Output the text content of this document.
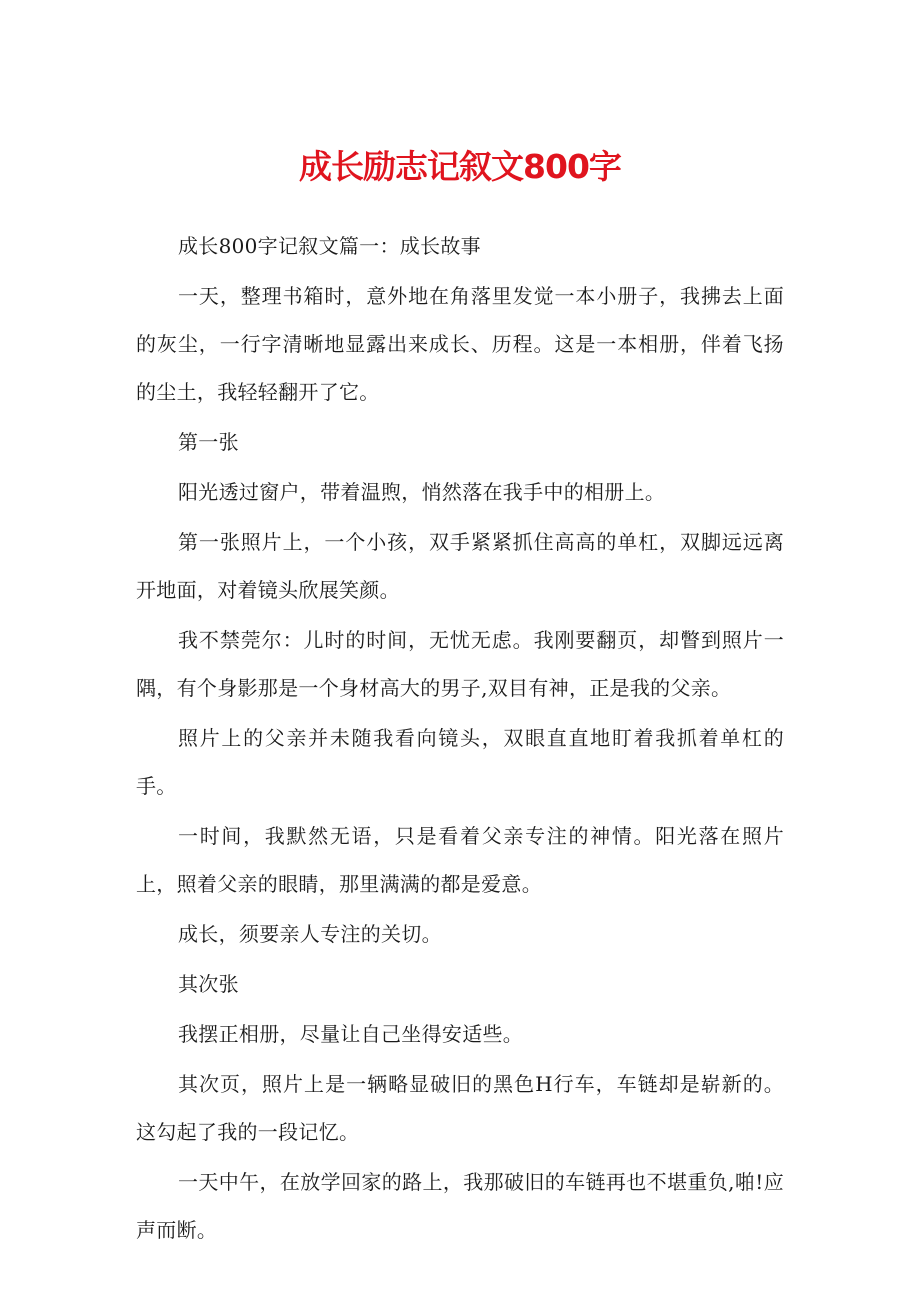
成长励志记叙文800字

成长800字记叙文篇一：成长故事

一天，整理书箱时，意外地在角落里发觉一本小册子，我拂去上面的灰尘，一行字清晰地显露出来成长、历程。这是一本相册，伴着飞扬的尘土，我轻轻翻开了它。

第一张

阳光透过窗户，带着温煦，悄然落在我手中的相册上。

第一张照片上，一个小孩，双手紧紧抓住高高的单杠，双脚远远离开地面，对着镜头欣展笑颜。

我不禁莞尔：儿时的时间，无忧无虑。我刚要翻页，却瞥到照片一隅，有个身影那是一个身材高大的男子,双目有神，正是我的父亲。

照片上的父亲并未随我看向镜头，双眼直直地盯着我抓着单杠的手。

一时间，我默然无语，只是看着父亲专注的神情。阳光落在照片上，照着父亲的眼睛，那里满满的都是爱意。

成长，须要亲人专注的关切。

其次张

我摆正相册，尽量让自己坐得安适些。

其次页，照片上是一辆略显破旧的黑色H行车，车链却是崭新的。这勾起了我的一段记忆。

一天中午，在放学回家的路上，我那破旧的车链再也不堪重负,啪!应声而断。
